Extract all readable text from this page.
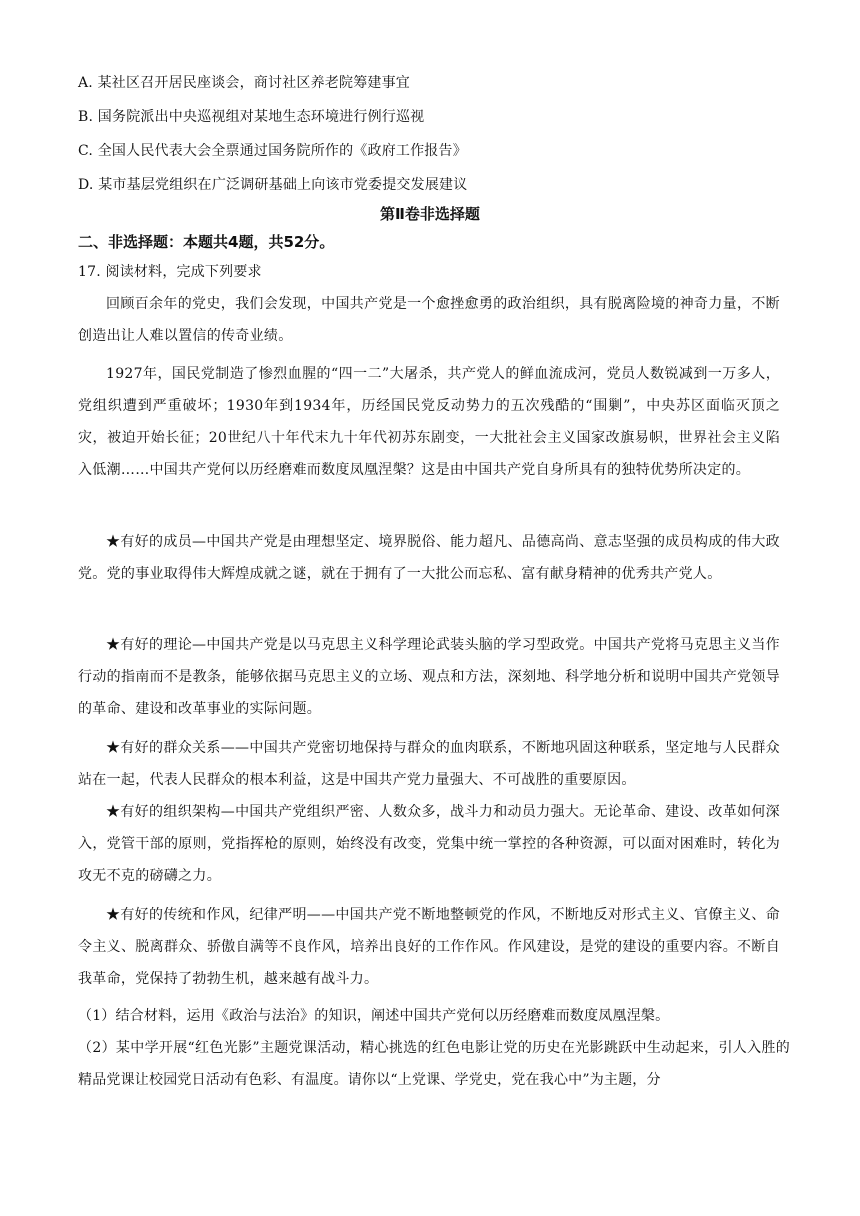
A. 某社区召开居民座谈会，商讨社区养老院筹建事宜
B. 国务院派出中央巡视组对某地生态环境进行例行巡视
C. 全国人民代表大会全票通过国务院所作的《政府工作报告》
D. 某市基层党组织在广泛调研基础上向该市党委提交发展建议
第Ⅱ卷非选择题
二、非选择题：本题共4题，共52分。
17. 阅读材料，完成下列要求
回顾百余年的党史，我们会发现，中国共产党是一个愈挫愈勇的政治组织，具有脱离险境的神奇力量，不断创造出让人难以置信的传奇业绩。
1927年，国民党制造了惨烈血腥的“四一二”大屠杀，共产党人的鲜血流成河，党员人数锐减到一万多人，党组织遭到严重破坏；1930年到1934年，历经国民党反动势力的五次残酷的“围剿”，中央苏区面临灭顶之灾，被迫开始长征；20世纪八十年代末九十年代初苏东剧变，一大批社会主义国家改旗易帜，世界社会主义陷入低潮……中国共产党何以历经磨难而数度凤凰涅槃？这是由中国共产党自身所具有的独特优势所决定的。
★有好的成员—中国共产党是由理想坚定、境界脱俗、能力超凡、品德高尚、意志坚强的成员构成的伟大政党。党的事业取得伟大辉煌成就之谜，就在于拥有了一大批公而忘私、富有献身精神的优秀共产党人。
★有好的理论—中国共产党是以马克思主义科学理论武装头脑的学习型政党。中国共产党将马克思主义当作行动的指南而不是教条，能够依据马克思主义的立场、观点和方法，深刻地、科学地分析和说明中国共产党领导的革命、建设和改革事业的实际问题。
★有好的群众关系——中国共产党密切地保持与群众的血肉联系，不断地巩固这种联系，坚定地与人民群众站在一起，代表人民群众的根本利益，这是中国共产党力量强大、不可战胜的重要原因。
★有好的组织架构—中国共产党组织严密、人数众多，战斗力和动员力强大。无论革命、建设、改革如何深入，党管干部的原则，党指挥枪的原则，始终没有改变，党集中统一掌控的各种资源，可以面对困难时，转化为攻无不克的磅礴之力。
★有好的传统和作风，纪律严明——中国共产党不断地整顿党的作风，不断地反对形式主义、官僚主义、命令主义、脱离群众、骄傲自满等不良作风，培养出良好的工作作风。作风建设，是党的建设的重要内容。不断自我革命，党保持了勃勃生机，越来越有战斗力。
（1）结合材料，运用《政治与法治》的知识，阐述中国共产党何以历经磨难而数度凤凰涅槃。
（2）某中学开展“红色光影”主题党课活动，精心挑选的红色电影让党的历史在光影跳跃中生动起来，引人入胜的精品党课让校园党日活动有色彩、有温度。请你以“上党课、学党史，党在我心中”为主题，分
